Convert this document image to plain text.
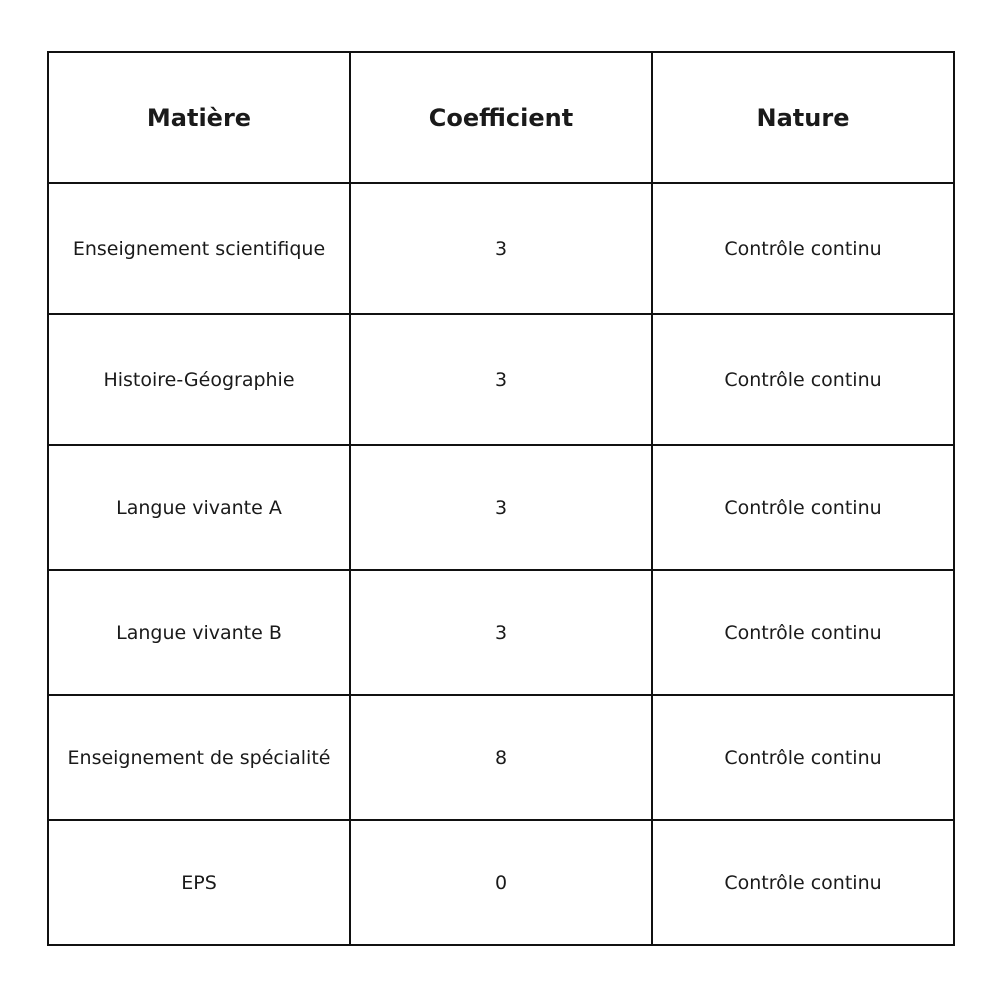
Matière	Coefficient	Nature
Enseignement scientifique	3	Contrôle continu
Histoire-Géographie	3	Contrôle continu
Langue vivante A	3	Contrôle continu
Langue vivante B	3	Contrôle continu
Enseignement de spécialité	8	Contrôle continu
EPS	0	Contrôle continu
